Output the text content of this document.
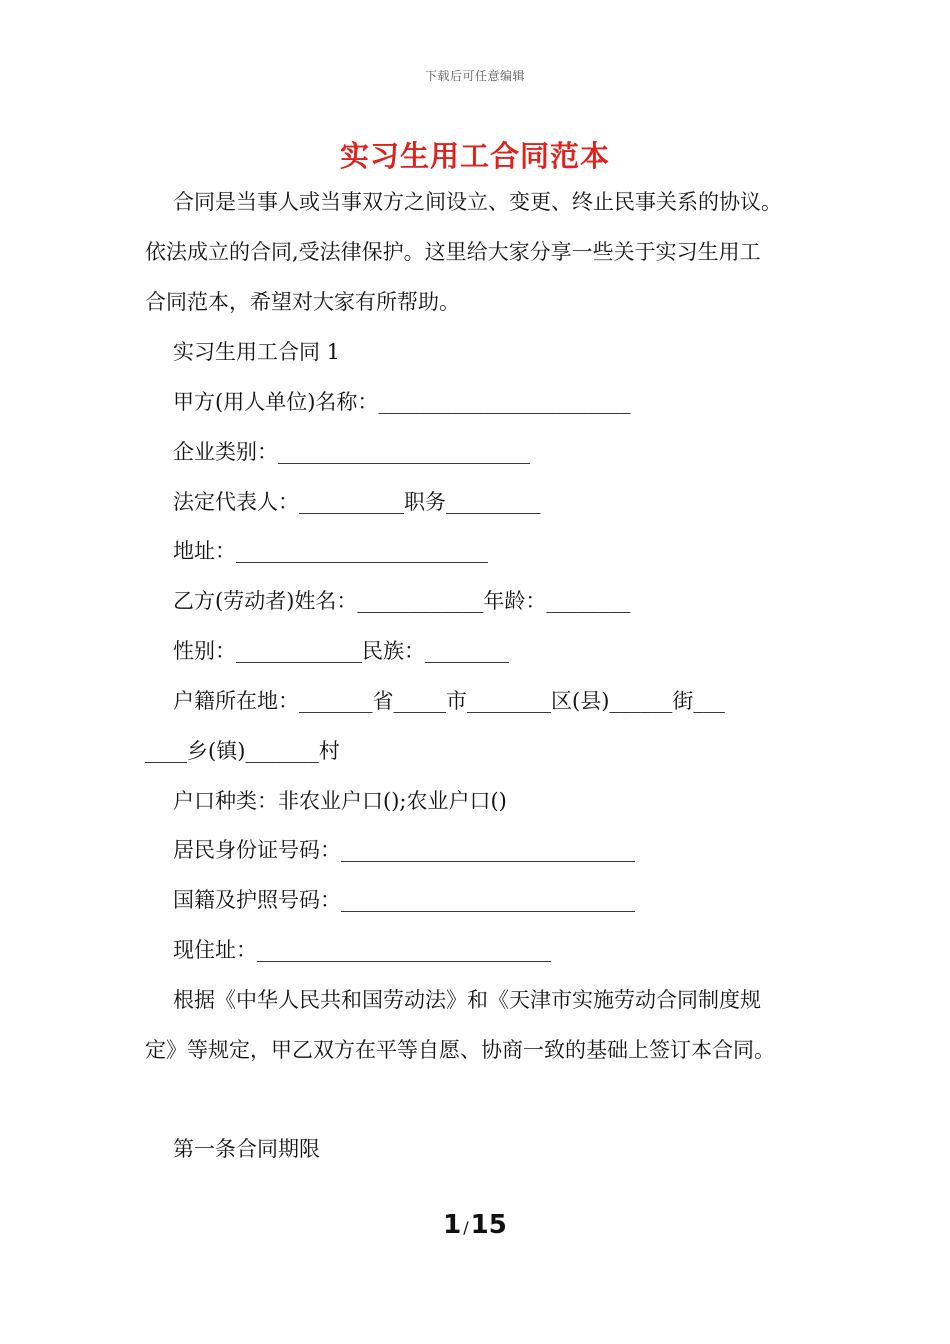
下载后可任意编辑
实习生用工合同范本
合同是当事人或当事双方之间设立、变更、终止民事关系的协议。
依法成立的合同,受法律保护。这里给大家分享一些关于实习生用工
合同范本，希望对大家有所帮助。
实习生用工合同 1
甲方(用人单位)名称：________________________
企业类别：________________________
法定代表人：__________职务_________
地址：________________________
乙方(劳动者)姓名：____________年龄：________
性别：____________民族：________
户籍所在地：_______省_____市________区(县)______街___
____乡(镇)_______村
户口种类：非农业户口();农业户口()
居民身份证号码：____________________________
国籍及护照号码：____________________________
现住址：____________________________
根据《中华人民共和国劳动法》和《天津市实施劳动合同制度规
定》等规定，甲乙双方在平等自愿、协商一致的基础上签订本合同。
第一条合同期限
1 /15
